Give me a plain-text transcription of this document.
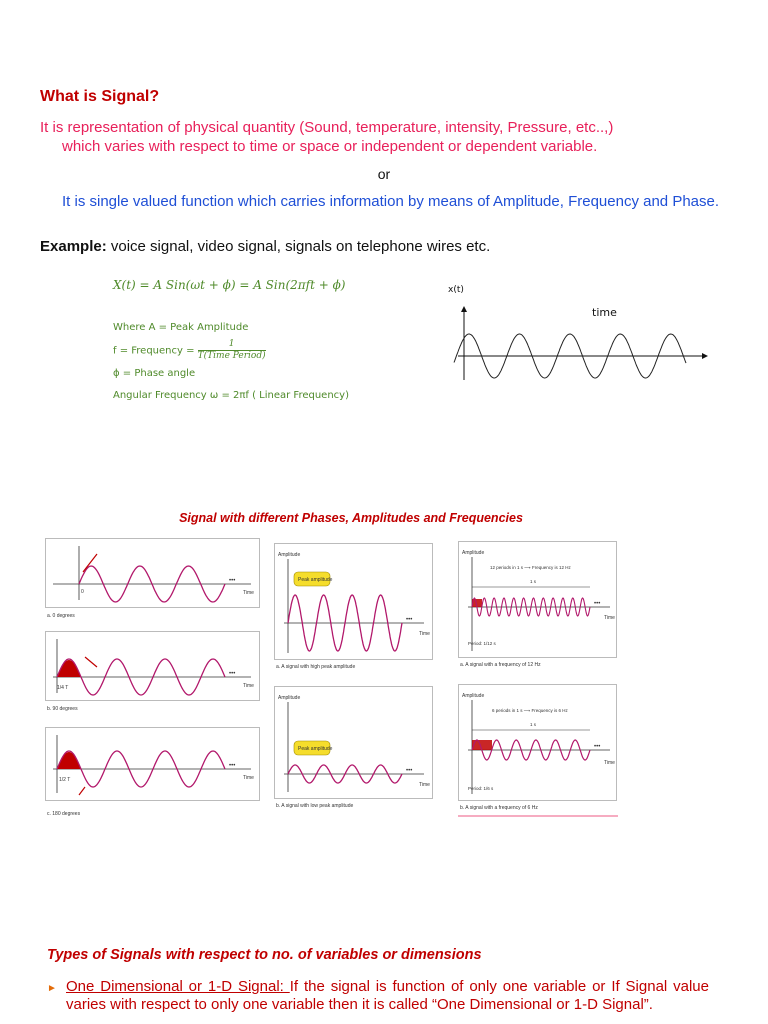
What is Signal?
It is representation of physical quantity (Sound, temperature, intensity, Pressure, etc..,)
which varies with respect to time or space or independent or dependent variable.
or
It is single valued function which carries information by means of Amplitude, Frequency and Phase.
Example: voice signal, video signal, signals on telephone wires etc.
X(t) = A Sin(ωt + ϕ) = A Sin(2πft + ϕ)
Where A = Peak Amplitude
f = Frequency = $\frac{1}{\text{T(Time Period)}}$
ϕ = Phase angle
Angular Frequency ω = 2πf ( Linear Frequency)
x(t)
time
Signal with different Phases, Amplitudes and Frequencies
0
•••
Time
a. 0 degrees
1/4 T
•••
Time
b. 90 degrees
1/2 T
•••
Time
c. 180 degrees
Amplitude
Peak amplitude
•••
Time
a. A signal with high peak amplitude
Amplitude
Peak amplitude
•••
Time
b. A signal with low peak amplitude
Amplitude
12 periods in 1 s ⟶ Frequency is 12 Hz
1 s
Period: 1/12 s
•••
Time
a. A signal with a frequency of 12 Hz
Amplitude
6 periods in 1 s ⟶ Frequency is 6 Hz
1 s
Period: 1/6 s
•••
Time
b. A signal with a frequency of 6 Hz
Types of Signals with respect to no. of variables or dimensions
► One Dimensional or 1-D Signal: If the signal is function of only one variable or If Signal value varies with respect to only one variable then it is called “One Dimensional or 1-D Signal”.
